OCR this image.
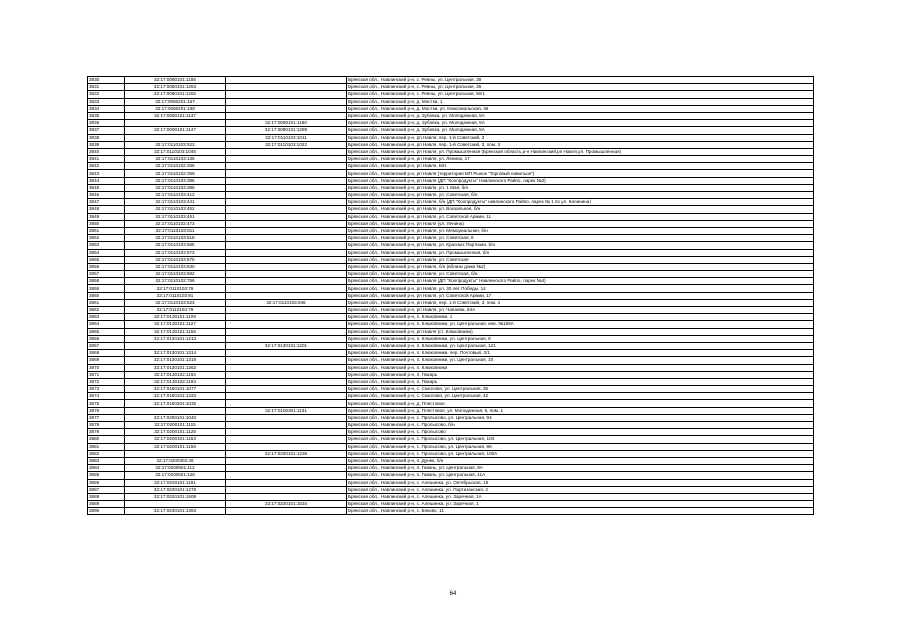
3830	32:17:0060101:1185		Брянская обл., Навлинский р-н, с. Ревны, ул. Центральная, 38
3831	32:17:0060101:1283		Брянская обл., Навлинский р-н, с. Ревны, ул. Центральная, 36
3832	32:17:0060101:1262		Брянская обл., Навлинский р-н, с. Ревны, ул. Центральная, 50/1
3833	32:17:0050201:167		Брянская обл., Навлинский р-н, д. Мостки, 1
3834	32:17:0060201:198		Брянская обл., Навлинский р-н, д. Мостки, ул. Комсомольская, 36
3835	32:17:0080101:1147		Брянская обл., Навлинский р-н, д. Зубовка, ул. Молодежная, 5А
3836		32:17:0080101:1180	Брянская обл., Навлинский р-н, д. Зубовка, ул. Молодежная, 5А
3837	32:17:0090101:1147	32:17:0080101:1289	Брянская обл., Навлинский р-н, д. Зубовка, ул. Молодежная, 5А
3838		32:17:0110103:1011	Брянская обл., Навлинский р-н, рп Навля, пер. 1-й Советский, 3
3839	32:17:0110103:523	32:17:0110103:1022	Брянская обл., Навлинский р-н, рп Навля, пер. 1-й Советский, 3, пом. 3
3840	32:17:0110103:1046		Брянская обл., Навлинский р-н, рп Навля, ул. Промышленная (Брянская область,р-н Навлинский,рп Навля,ул. Промышленная)
3841	32:17:0110103:135		Брянская обл., Навлинский р-н, рп Навля, ул. Ленина, 17
3842	32:17:0110102:256		Брянская обл., Навлинский р-н, рп Навля, Б/Н
3843	32:17:0110102:359		Брянская обл., Навлинский р-н, рп Навля (территория МП Рынок "Торговый павильон")
3844	32:17:0110103:386		Брянская обл., Навлинский р-н, рп Навля (ДП "Коопродукты" Навлинского Райпо, ларек №2)
3845	32:17:0110103:396		Брянская обл., Навлинский р-н, рп Навля, ул. 1 Мая, б/н
3846	32:17:0110103:412		Брянская обл., Навлинский р-н, рп Навля, ул. Советская, б/н
3847	32:17:0110103:441		Брянская обл., Навлинский р-н, рп Навля, б/н (ДП "Коопродукты" навлинского Райпо, ларек № 1 по ул. Калинина)
3848	32:17:0110103:452		Брянская обл., Навлинский р-н, рп Навля, ул. Вокзальная, б/н
3849	32:17:0110103:461		Брянская обл., Навлинский р-н, рп Навля, ул. Советской Армии, 11
3850	32:17:0110102:473		Брянская обл., Навлинский р-н, рп Навля (ул. Ленина)
3851	32:17:0110103:511		Брянская обл., Навлинский р-н, рп Навля, ул. Мемориальная, б/н
3852	32:17:0110103:518		Брянская обл., Навлинский р-н, рп Навля, ул. Советская, 8
3853	32:17:0110103:565		Брянская обл., Навлинский р-н, рп Навля, ул. Красных Партизан, б/н
3854	32:17:0110103:573		Брянская обл., Навлинский р-н, рп Навля, ул. Промышленная, б/н
3855	32:17:0110103:575		Брянская обл., Навлинский р-н, рп Навля, ул. Советская
3856	32:17:0110103:630		Брянская обл., Навлинский р-н, рп Навля, б/н (вблизи дома №2)
3857	32:17:0110103:682		Брянская обл., Навлинский р-н, рп Навля, ул. Советская, б/н
3858	32:17:0110102:756		Брянская обл., Навлинский р-н, рп Навля (ДП "Коопродукты" Навлинского Райпо, ларек №4)
3859	32:17:0110103:79		Брянская обл., Навлинский р-н, рп Навля, ул. 30 лет Победы, 14
3860	32:17:0110103:91		Брянская обл., Навлинский р-н, рп Навля, ул. Советской Армии, 17
3861	32:17:0110103:523	32:17:0110103:946	Брянская обл., Навлинский р-н, рп Навля, пер. 1-й Советский, 3, пом. 4
3862	32:17:0110104:79		Брянская обл., Навлинский р-н, рп Навля, ул. Чапаева, 84А
3863	32:17:0130101:1109		Брянская обл., Навлинский р-н, п. Клюковники, 1
3864	32:17:0130101:1127		Брянская обл., Навлинский р-н, п. Клюковники, ул. Центральная, инв. №169А
3865	32:17:0130101:1156		Брянская обл., Навлинский р-н, рп Навля (ст. Клюковники)
3866	32:17:0130101:1213		Брянская обл., Навлинский р-н, п. Клюковники, ул. Центральная, 8
3867		32:17:0130101:1201	Брянская обл., Навлинский р-н, п. Клюковники, ул. Центральная, 121
3868	32:17:0130101:1314		Брянская обл., Навлинский р-н, п. Клюковники, пер. Почтовый, 2/1
3869	32:17:0130101:1319		Брянская обл., Навлинский р-н, п. Клюковники, ул. Центральная, 10
3870	32:17:0130101:1362		Брянская обл., Навлинский р-н, п. Клюковники
3871	32:17:0130102:1192		Брянская обл., Навлинский р-н, п. Пакарь
3872	32:17:0130102:1193		Брянская обл., Навлинский р-н, п. Пакарь
3873	32:17:0150101:1077		Брянская обл., Навлинский р-н, с. Соколово, ул. Центральная, 35
3874	32:17:0150101:1333		Брянская обл., Навлинский р-н, с. Соколово, ул. Центральная, 42
3875	32:17:0150301:1035		Брянская обл., Навлинский р-н, д. Плястовое
3876		32:17:0150301:1131	Брянская обл., Навлинский р-н, д. Плястовое, ул. Молодежная, 6, пом. 1
3877	32:17:0200101:1040		Брянская обл., Навлинский р-н, с. Пролысово, ул. Центральная, 94
3878	32:17:0200101:1115		Брянская обл., Навлинский р-н, с. Пролысово, б/н
3879	32:17:0200101:1125		Брянская обл., Навлинский р-н, с. Пролысово
3880	32:17:0200101:1153		Брянская обл., Навлинский р-н, с. Пролысово, ул. Центральная, 104
3881	32:17:0200101:1156		Брянская обл., Навлинский р-н, с. Пролысово, ул. Центральная, 96
3882		32:17:0200101:1236	Брянская обл., Навлинский р-н, с. Пролысово, ул. Центральная, 100А
3883	32:17:0200302:46		Брянская обл., Навлинский р-н, п. Дунек, б/н
3884	32:17:0200501:112		Брянская обл., Навлинский р-н, п. Гавань, ул. Центральная, 8А
3885	32:17:0200501:126		Брянская обл., Навлинский р-н, п. Гавань, ул. Центральная, 11А
3886	32:17:0220101:1181		Брянская обл., Навлинский р-н, с. Алешинка, ул. Октябрьская, 18
3887	32:17:0220101:1278		Брянская обл., Навлинский р-н, с. Алешинка, ул. Партизанская, 2
3888	32:17:0220101:1508		Брянская обл., Навлинский р-н, с. Алешинка, ул. Заречная, 1А
3889		32:17:0220101:1534	Брянская обл., Навлинский р-н, с. Алешинка, ул. Заречная, 1
3890	32:17:0240101:1383		Брянская обл., Навлинский р-н, с. Бяково, 11
64
